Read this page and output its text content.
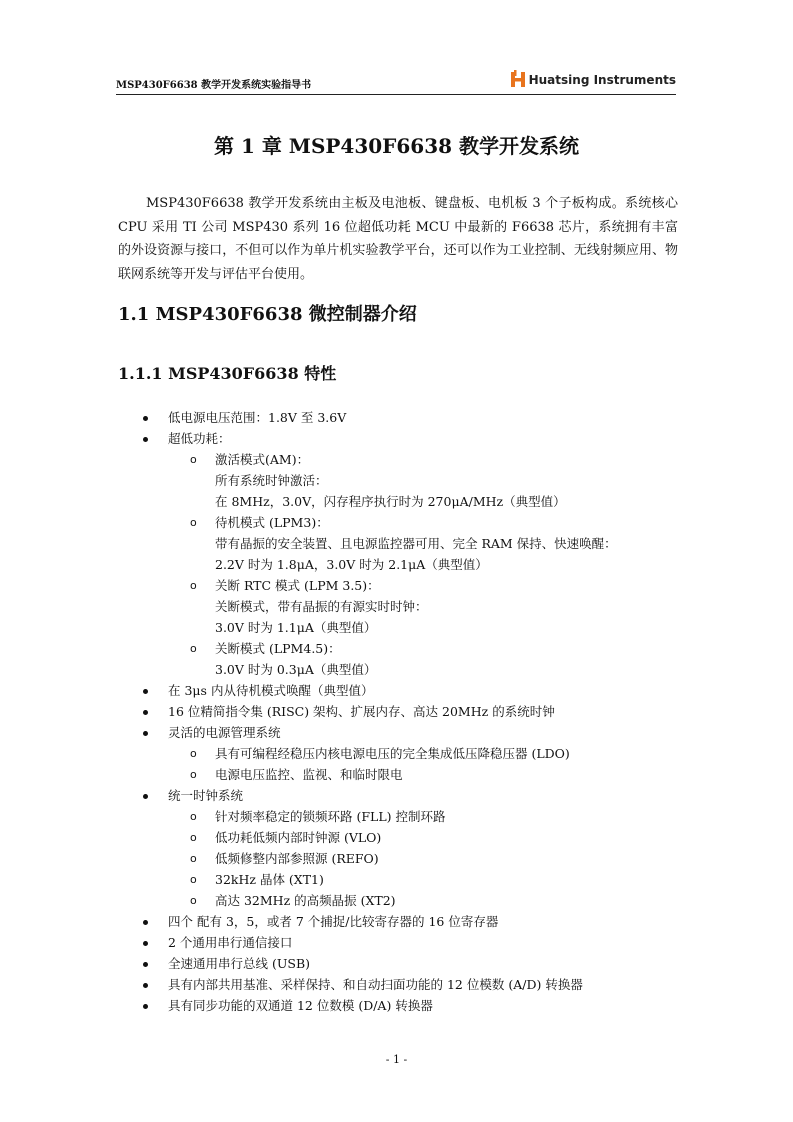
MSP430F6638 教学开发系统实验指导书	Huatsing Instruments
第 1 章 MSP430F6638 教学开发系统

MSP430F6638 教学开发系统由主板及电池板、键盘板、电机板 3 个子板构成。系统核心 CPU 采用 TI 公司 MSP430 系列 16 位超低功耗 MCU 中最新的 F6638 芯片，系统拥有丰富的外设资源与接口，不但可以作为单片机实验教学平台，还可以作为工业控制、无线射频应用、物联网系统等开发与评估平台使用。

1.1 MSP430F6638 微控制器介绍
1.1.1 MSP430F6638 特性
低电源电压范围：1.8V 至 3.6V
超低功耗：
o 激活模式(AM)：
所有系统时钟激活：
在 8MHz，3.0V，闪存程序执行时为 270μA/MHz（典型值）
o 待机模式 (LPM3)：
带有晶振的安全装置、且电源监控器可用、完全 RAM 保持、快速唤醒：
2.2V 时为 1.8μA，3.0V 时为 2.1μA（典型值）
o 关断 RTC 模式 (LPM 3.5)：
关断模式，带有晶振的有源实时时钟：
3.0V 时为 1.1μA（典型值）
o 关断模式 (LPM4.5)：
3.0V 时为 0.3μA（典型值）
在 3μs 内从待机模式唤醒（典型值）
16 位精简指令集 (RISC) 架构、扩展内存、高达 20MHz 的系统时钟
灵活的电源管理系统
o 具有可编程经稳压内核电源电压的完全集成低压降稳压器 (LDO)
o 电源电压监控、监视、和临时限电
统一时钟系统
o 针对频率稳定的锁频环路 (FLL) 控制环路
o 低功耗低频内部时钟源 (VLO)
o 低频修整内部参照源 (REFO)
o 32kHz 晶体 (XT1)
o 高达 32MHz 的高频晶振 (XT2)
四个 配有 3，5，或者 7 个捕捉/比较寄存器的 16 位寄存器
2 个通用串行通信接口
全速通用串行总线 (USB)
具有内部共用基准、采样保持、和自动扫面功能的 12 位模数 (A/D) 转换器
具有同步功能的双通道 12 位数模 (D/A) 转换器
- 1 -
